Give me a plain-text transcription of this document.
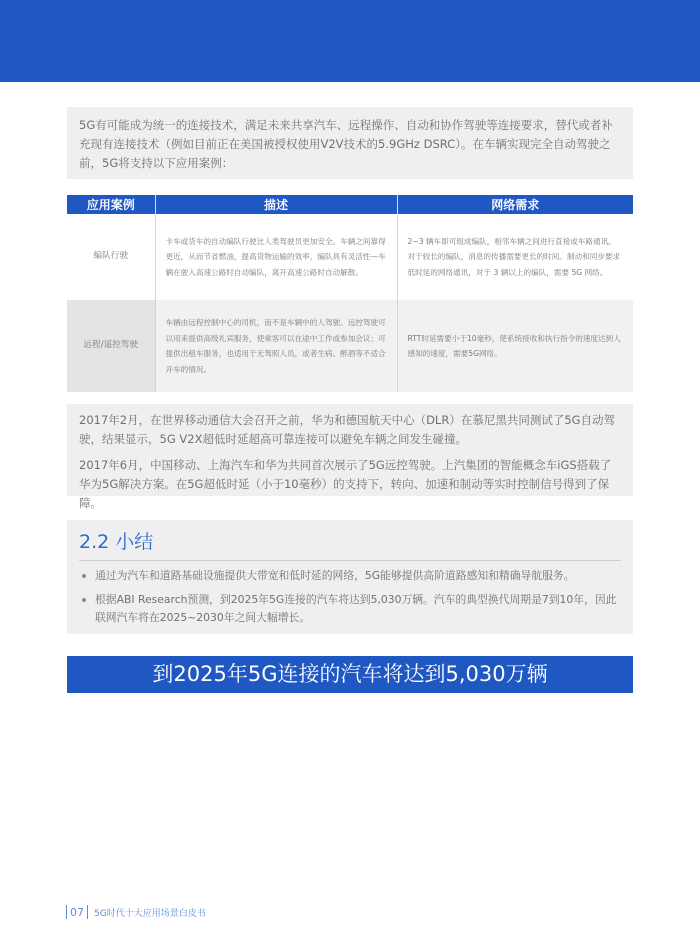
5G有可能成为统一的连接技术，满足未来共享汽车、远程操作、自动和协作驾驶等连接要求，替代或者补充现有连接技术（例如目前正在美国被授权使用V2V技术的5.9GHz DSRC）。在车辆实现完全自动驾驶之前，5G将支持以下应用案例：
应用案例	描述	网络需求
编队行驶	卡车或货车的自动编队行驶比人类驾驶员更加安全。车辆之间靠得更近，从而节省燃油，提高货物运输的效率，编队具有灵活性—车辆在驶入高速公路时自动编队，离开高速公路时自动解散。	2~3 辆车即可组成编队，相邻车辆之间进行直接或车路通讯。对于较长的编队，消息的传播需要更长的时间。制动和同步要求低时延的网络通讯，对于 3 辆以上的编队，需要 5G 网络。
远程/遥控驾驶	车辆由远程控制中心的司机，而不是车辆中的人驾驶。远控驾驶可以用来提供高级礼宾服务，使乘客可以在途中工作或参加会议；可提供出租车服务，也适用于无驾照人员，或者生病、醉酒等不适合开车的情况。	RTT时延需要小于10毫秒，使系统接收和执行指令的速度达到人感知的速度，需要5G网络。

2017年2月，在世界移动通信大会召开之前，华为和德国航天中心（DLR）在慕尼黑共同测试了5G自动驾驶，结果显示，5G V2X超低时延超高可靠连接可以避免车辆之间发生碰撞。

2017年6月，中国移动、上海汽车和华为共同首次展示了5G远控驾驶。上汽集团的智能概念车iGS搭载了华为5G解决方案。在5G超低时延（小于10毫秒）的支持下，转向、加速和制动等实时控制信号得到了保障。

2.2 小结
通过为汽车和道路基础设施提供大带宽和低时延的网络，5G能够提供高阶道路感知和精确导航服务。
根据ABI Research预测，到2025年5G连接的汽车将达到5,030万辆。汽车的典型换代周期是7到10年，因此联网汽车将在2025~2030年之间大幅增长。
到2025年5G连接的汽车将达到5,030万辆
07 5G时代十大应用场景白皮书
